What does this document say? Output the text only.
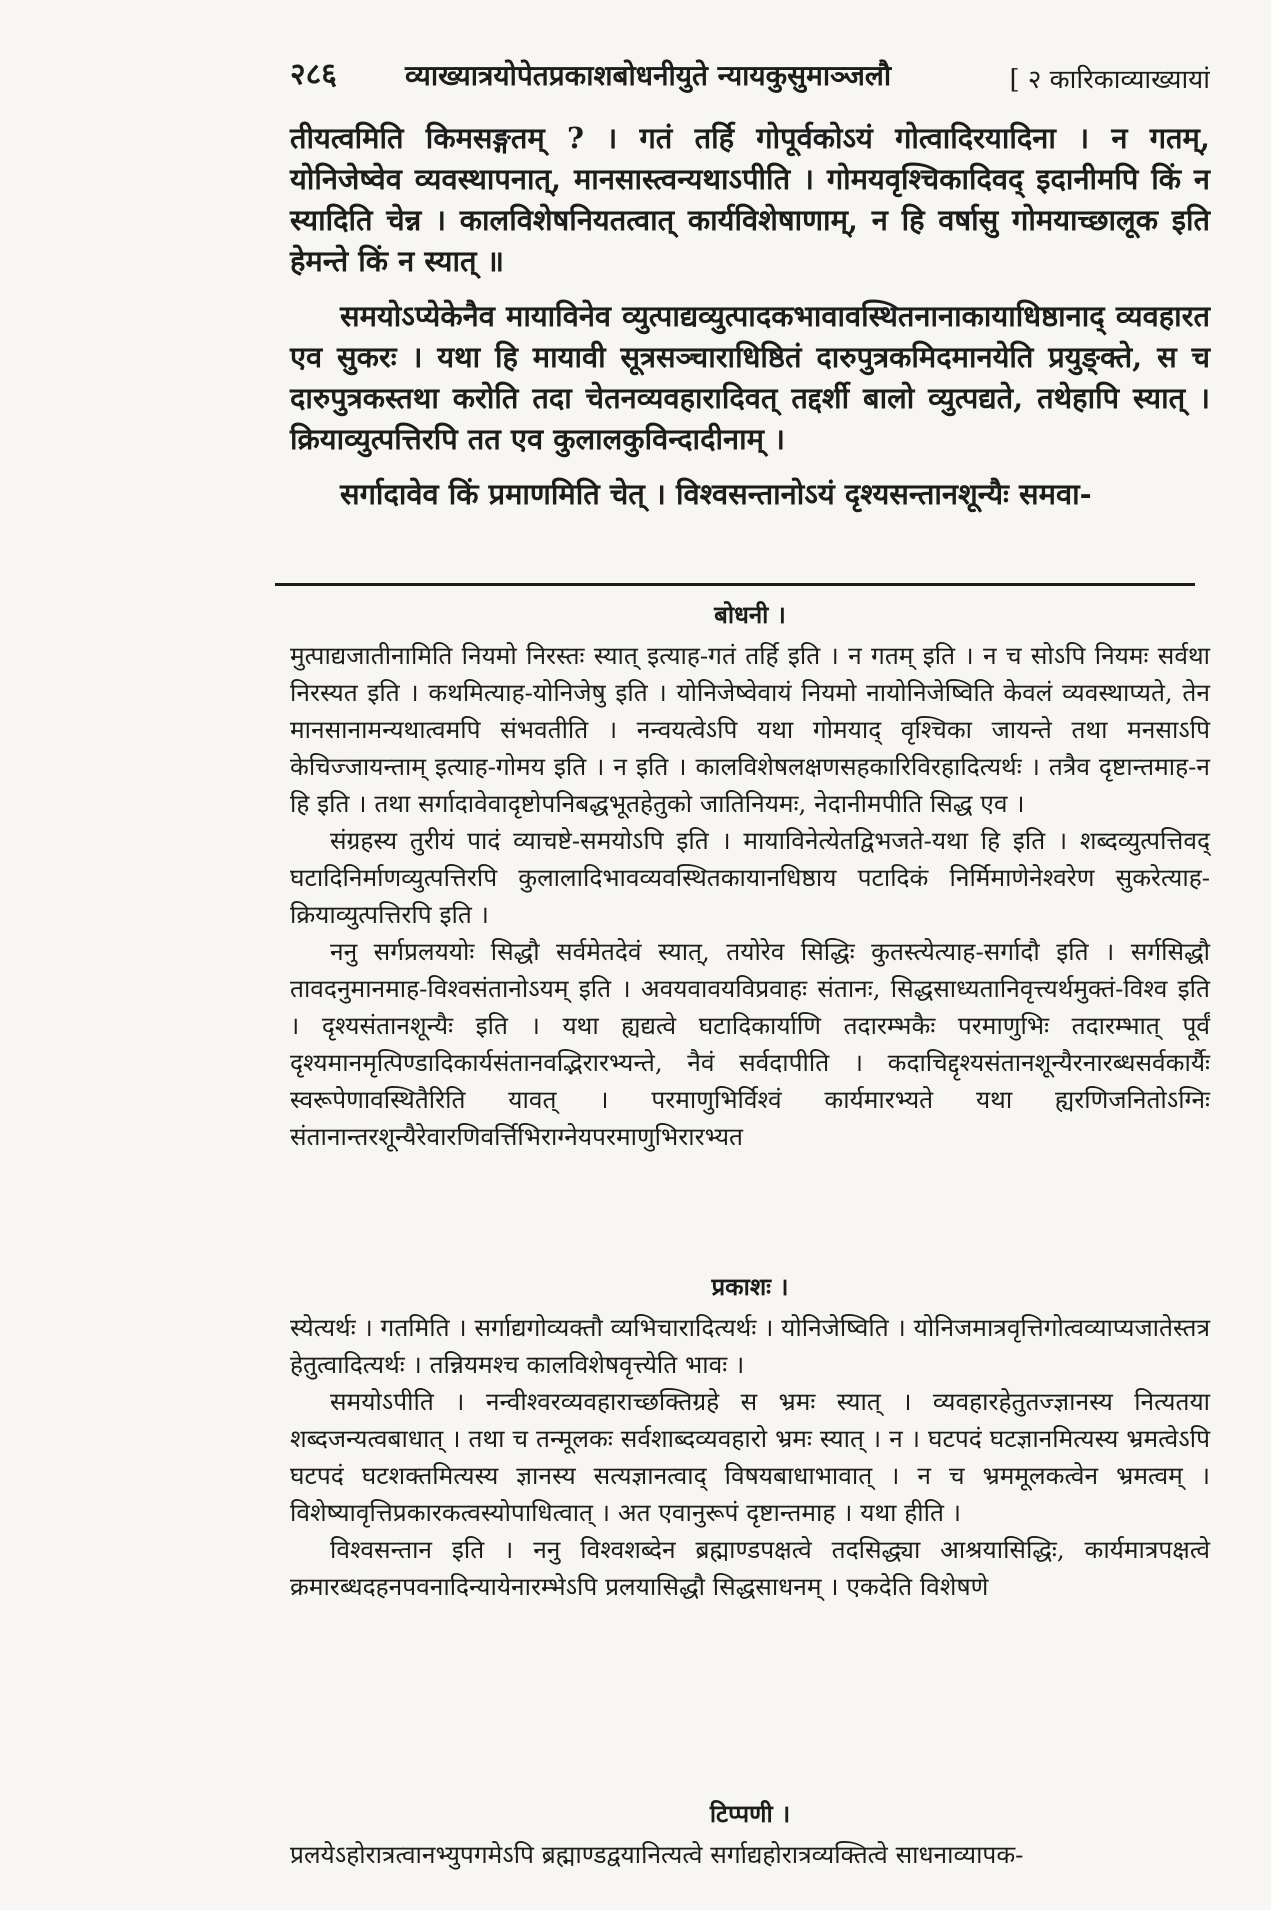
२८६ व्याख्यात्रयोपेतप्रकाशबोधनीयुते न्यायकुसुमाञ्जलौ	[ २ कारिकाव्याख्यायां

तीयत्वमिति किमसङ्गतम् ? । गतं तर्हि गोपूर्वकोऽयं गोत्वादिरयादिना । न गतम्, योनिजेष्वेव व्यवस्थापनात्, मानसास्त्वन्यथाऽपीति । गोमयवृश्चिकादिवद् इदानीमपि किं न स्यादिति चेन्न । कालविशेषनियतत्वात् कार्यविशेषाणाम्, न हि वर्षासु गोमयाच्छालूक इति हेमन्ते किं न स्यात् ॥

समयोऽप्येकेनैव मायाविनेव व्युत्पाद्यव्युत्पादकभावावस्थितनानाकायाधिष्ठानाद् व्यवहारत एव सुकरः । यथा हि मायावी सूत्रसञ्चाराधिष्ठितं दारुपुत्रकमिदमानयेति प्रयुङ्क्ते, स च दारुपुत्रकस्तथा करोति तदा चेतनव्यवहारादिवत् तद्दर्शी बालो व्युत्पद्यते, तथेहापि स्यात् । क्रियाव्युत्पत्तिरपि तत एव कुलालकुविन्दादीनाम् ।

सर्गादावेव किं प्रमाणमिति चेत् । विश्वसन्तानोऽयं दृश्यसन्तानशून्यैः समवा-

बोधनी ।

मुत्पाद्यजातीनामिति नियमो निरस्तः स्यात् इत्याह-गतं तर्हि इति । न गतम् इति । न च सोऽपि नियमः सर्वथा निरस्यत इति । कथमित्याह-योनिजेषु इति । योनिजेष्वेवायं नियमो नायोनिजेष्विति केवलं व्यवस्थाप्यते, तेन मानसानामन्यथात्वमपि संभवतीति । नन्वयत्वेऽपि यथा गोमयाद् वृश्चिका जायन्ते तथा मनसाऽपि केचिज्जायन्ताम् इत्याह-गोमय इति । न इति । कालविशेषलक्षणसहकारिविरहादित्यर्थः । तत्रैव दृष्टान्तमाह-न हि इति । तथा सर्गादावेवादृष्टोपनिबद्धभूतहेतुको जातिनियमः, नेदानीमपीति सिद्ध एव ।

संग्रहस्य तुरीयं पादं व्याचष्टे-समयोऽपि इति । मायाविनेत्येतद्विभजते-यथा हि इति । शब्दव्युत्पत्तिवद् घटादिनिर्माणव्युत्पत्तिरपि कुलालादिभावव्यवस्थितकायानधिष्ठाय पटादिकं निर्मिमाणेनेश्वरेण सुकरेत्याह-क्रियाव्युत्पत्तिरपि इति ।

ननु सर्गप्रलययोः सिद्धौ सर्वमेतदेवं स्यात्, तयोरेव सिद्धिः कुतस्त्येत्याह-सर्गादौ इति । सर्गसिद्धौ तावदनुमानमाह-विश्वसंतानोऽयम् इति । अवयवावयविप्रवाहः संतानः, सिद्धसाध्यतानिवृत्त्यर्थमुक्तं-विश्व इति । दृश्यसंतानशून्यैः इति । यथा ह्यद्यत्वे घटादिकार्याणि तदारम्भकैः परमाणुभिः तदारम्भात् पूर्वं दृश्यमानमृत्पिण्डादिकार्यसंतानवद्भिरारभ्यन्ते, नैवं सर्वदापीति । कदाचिद्दृश्यसंतानशून्यैरनारब्धसर्वकार्यैः स्वरूपेणावस्थितैरिति यावत् । परमाणुभिर्विश्वं कार्यमारभ्यते यथा ह्यरणिजनितोऽग्निः संतानान्तरशून्यैरेवारणिवर्त्तिभिराग्नेयपरमाणुभिरारभ्यत

प्रकाशः ।

स्येत्यर्थः । गतमिति । सर्गाद्यगोव्यक्तौ व्यभिचारादित्यर्थः । योनिजेष्विति । योनिजमात्रवृत्तिगोत्वव्याप्यजातेस्तत्र हेतुत्वादित्यर्थः । तन्नियमश्च कालविशेषवृत्त्येति भावः ।

समयोऽपीति । नन्वीश्वरव्यवहाराच्छक्तिग्रहे स भ्रमः स्यात् । व्यवहारहेतुतज्ज्ञानस्य नित्यतया शब्दजन्यत्वबाधात् । तथा च तन्मूलकः सर्वशाब्दव्यवहारो भ्रमः स्यात् । न । घटपदं घटज्ञानमित्यस्य भ्रमत्वेऽपि घटपदं घटशक्तमित्यस्य ज्ञानस्य सत्यज्ञानत्वाद् विषयबाधाभावात् । न च भ्रममूलकत्वेन भ्रमत्वम् । विशेष्यावृत्तिप्रकारकत्वस्योपाधित्वात् । अत एवानुरूपं दृष्टान्तमाह । यथा हीति ।

विश्वसन्तान इति । ननु विश्वशब्देन ब्रह्माण्डपक्षत्वे तदसिद्ध्या आश्रयासिद्धिः, कार्यमात्रपक्षत्वे क्रमारब्धदहनपवनादिन्यायेनारम्भेऽपि प्रलयासिद्धौ सिद्धसाधनम् । एकदेति विशेषणे

टिप्पणी ।

प्रलयेऽहोरात्रत्वानभ्युपगमेऽपि ब्रह्माण्डद्वयानित्यत्वे सर्गाद्यहोरात्रव्यक्तित्वे साधनाव्यापक-
